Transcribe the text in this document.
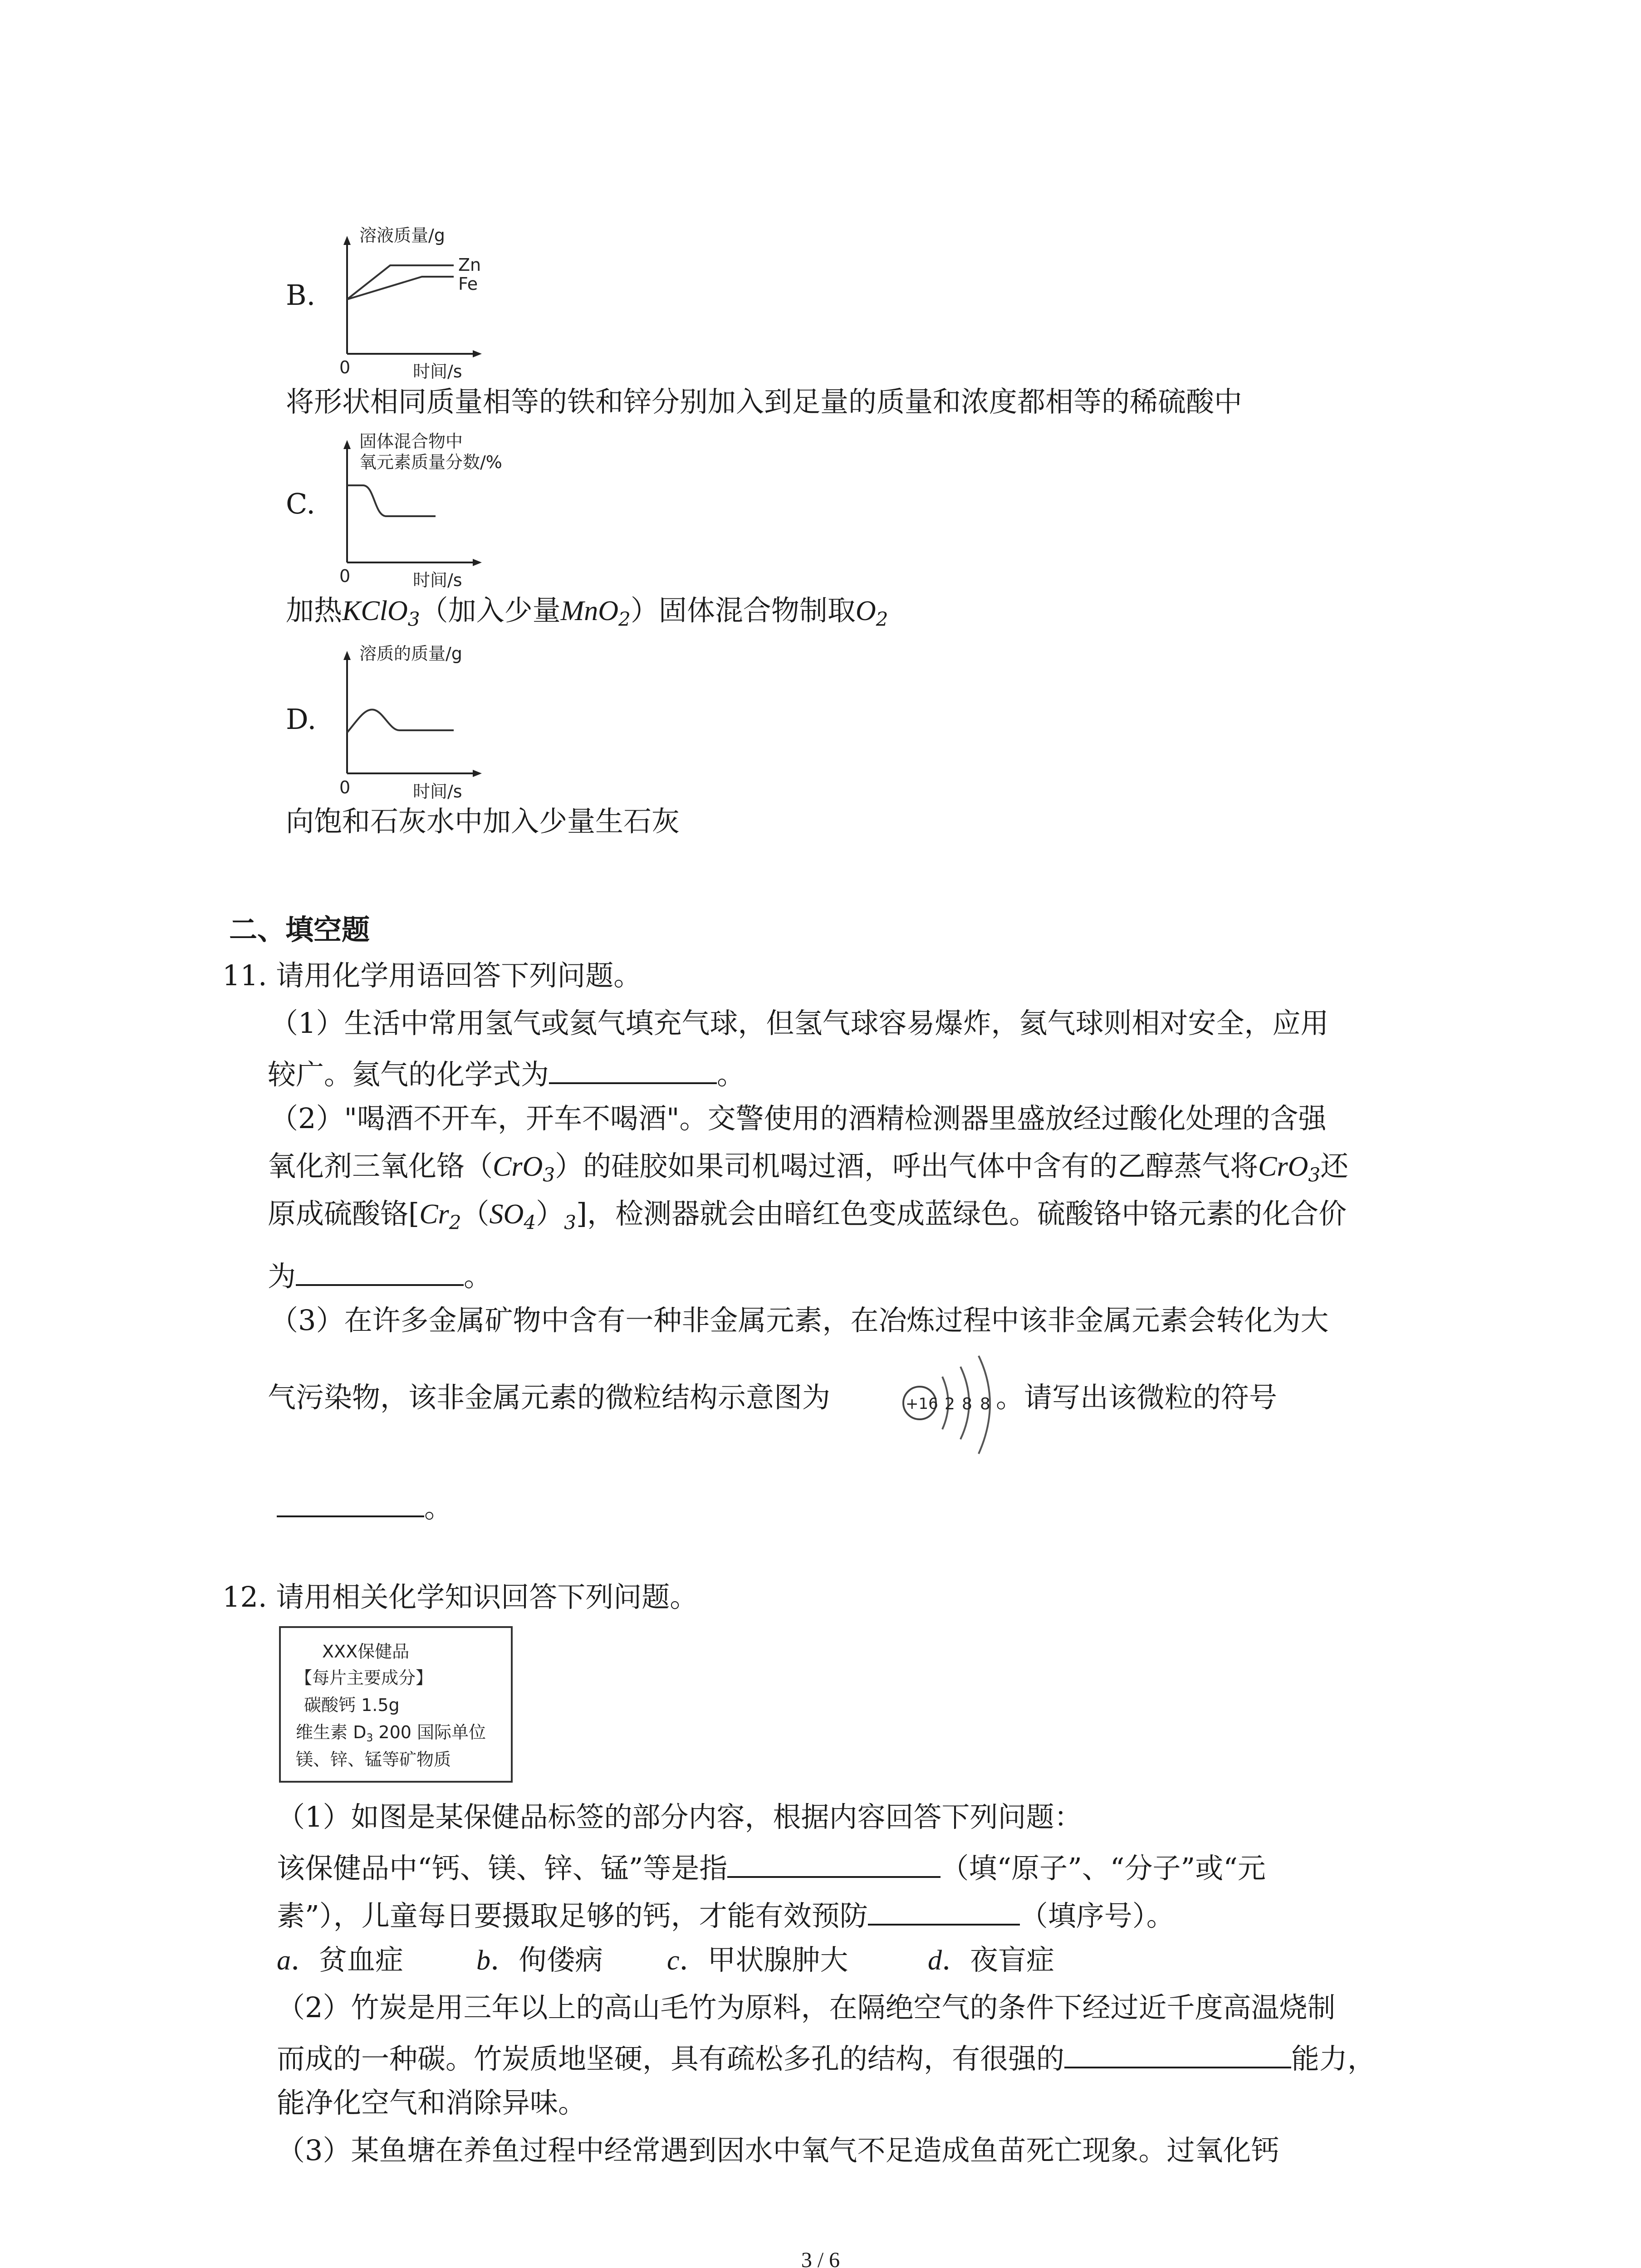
B.
溶液质量/g
Zn
Fe
0	时间/s
将形状相同质量相等的铁和锌分别加入到足量的质量和浓度都相等的稀硫酸中
C.
固体混合物中
氧元素质量分数/%
0	时间/s
加热KClO$_3$（加入少量MnO$_2$）固体混合物制取$O_2$
D.
溶质的质量/g
0	时间/s
向饱和石灰水中加入少量生石灰
二、填空题
11. 请用化学用语回答下列问题。
（1）生活中常用氢气或氦气填充气球，但氢气球容易爆炸，氦气球则相对安全，应用
较广。氦气的化学式为	。
（2）"喝酒不开车，开车不喝酒"。交警使用的酒精检测器里盛放经过酸化处理的含强
氧化剂三氧化铬（CrO$_3$）的硅胶如果司机喝过酒，呼出气体中含有的乙醇蒸气将CrO$_3$还
原成硫酸铬$[Cr_2(SO_4)_3]$，检测器就会由暗红色变成蓝绿色。硫酸铬中铬元素的化合价
为	。
（3）在许多金属矿物中含有一种非金属元素，在冶炼过程中该非金属元素会转化为大
气污染物，该非金属元素的微粒结构示意图为	+16 2 8 8 。请写出该微粒的符号
。
12. 请用相关化学知识回答下列问题。
XXX保健品
【每片主要成分】
碳酸钙 1.5g
维生素 D3 200 国际单位
镁、锌、锰等矿物质
（1）如图是某保健品标签的部分内容，根据内容回答下列问题：
该保健品中“钙、镁、锌、锰”等是指	（填“原子”、“分子”或“元
素”），儿童每日要摄取足够的钙，才能有效预防	（填序号）。
a．贫血症	b．佝偻病 c．甲状腺肿大	d．夜盲症
（2）竹炭是用三年以上的高山毛竹为原料，在隔绝空气的条件下经过近千度高温烧制
而成的一种碳。竹炭质地坚硬，具有疏松多孔的结构，有很强的	能力，
能净化空气和消除异味。
（3）某鱼塘在养鱼过程中经常遇到因水中氧气不足造成鱼苗死亡现象。过氧化钙
3 / 6
